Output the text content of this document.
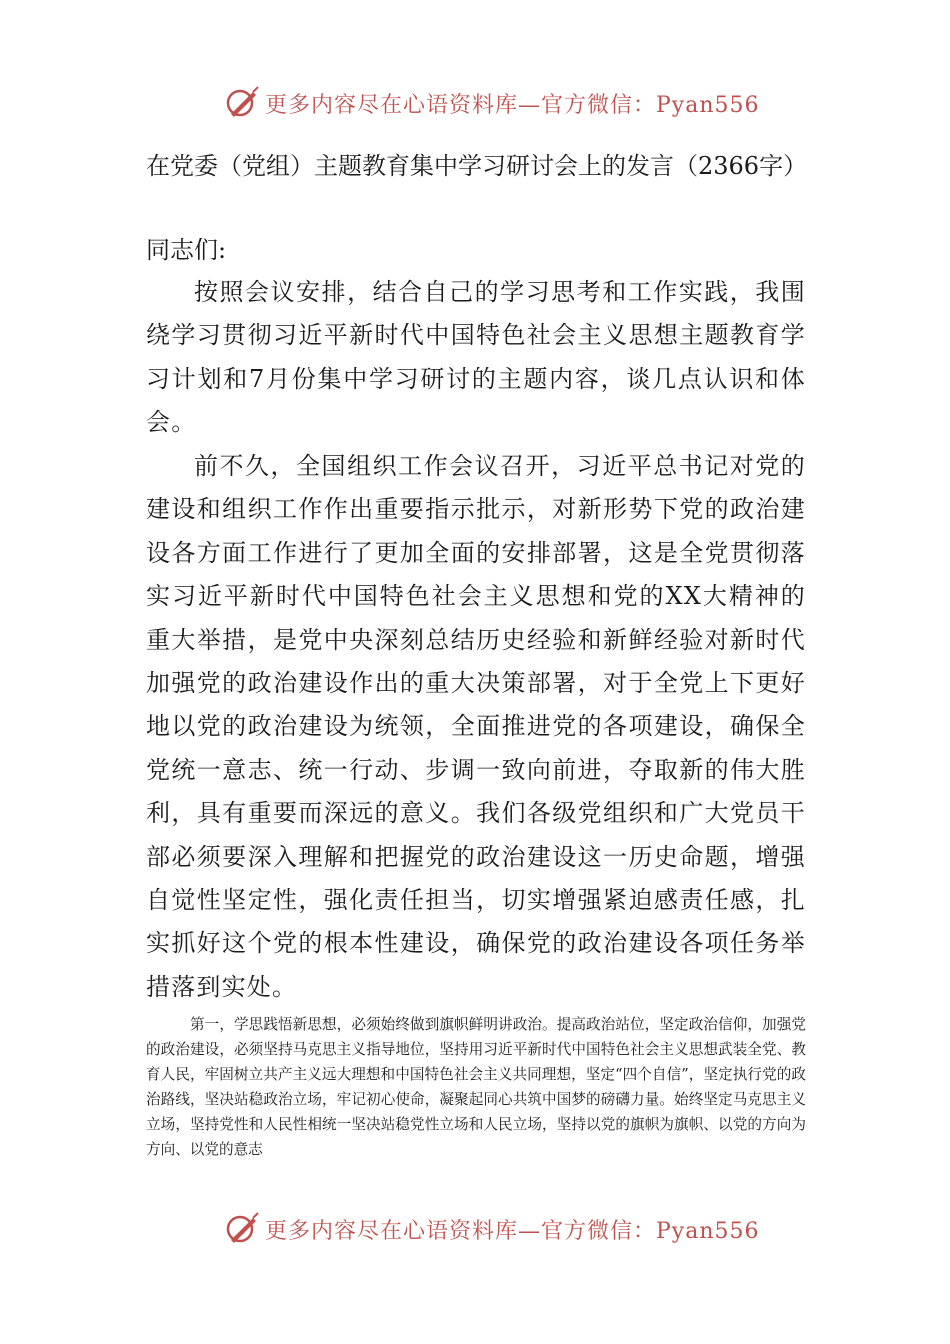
更多内容尽在心语资料库—官方微信：Pyan556
在党委（党组）主题教育集中学习研讨会上的发言（2366字）
同志们:

按照会议安排，结合自己的学习思考和工作实践，我围绕学习贯彻习近平新时代中国特色社会主义思想主题教育学习计划和7月份集中学习研讨的主题内容，谈几点认识和体会。

前不久，全国组织工作会议召开，习近平总书记对党的建设和组织工作作出重要指示批示，对新形势下党的政治建设各方面工作进行了更加全面的安排部署，这是全党贯彻落实习近平新时代中国特色社会主义思想和党的XX大精神的重大举措，是党中央深刻总结历史经验和新鲜经验对新时代加强党的政治建设作出的重大决策部署，对于全党上下更好地以党的政治建设为统领，全面推进党的各项建设，确保全党统一意志、统一行动、步调一致向前进，夺取新的伟大胜利，具有重要而深远的意义。我们各级党组织和广大党员干部必须要深入理解和把握党的政治建设这一历史命题，增强自觉性坚定性，强化责任担当，切实增强紧迫感责任感，扎实抓好这个党的根本性建设，确保党的政治建设各项任务举措落到实处。

第一，学思践悟新思想，必须始终做到旗帜鲜明讲政治。提高政治站位，坚定政治信仰，加强党的政治建设，必须坚持马克思主义指导地位，坚持用习近平新时代中国特色社会主义思想武装全党、教育人民，牢固树立共产主义远大理想和中国特色社会主义共同理想，坚定“四个自信”，坚定执行党的政治路线，坚决站稳政治立场，牢记初心使命，凝聚起同心共筑中国梦的磅礴力量。始终坚定马克思主义立场，坚持党性和人民性相统一坚决站稳党性立场和人民立场，坚持以党的旗帜为旗帜、以党的方向为方向、以党的意志

更多内容尽在心语资料库—官方微信：Pyan556
